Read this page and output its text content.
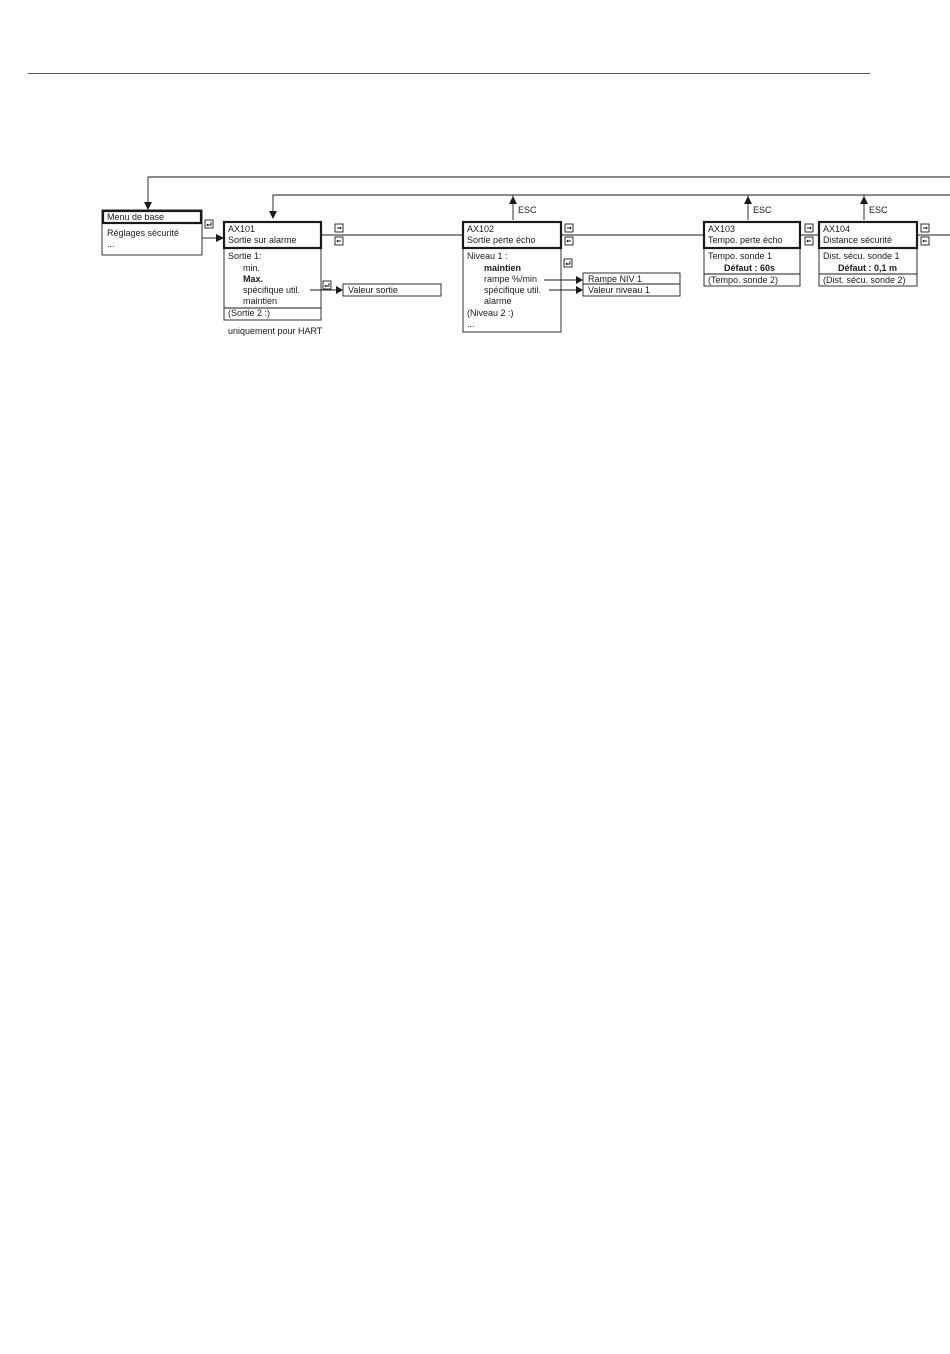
ESC	ESC	ESC
Menu de base
Réglages sécurité
...
AX101
Sortie sur alarme
Sortie 1:
min.
Max.
spécifique util.
maintien
(Sortie 2 :)
uniquement pour HART
Valeur sortie
AX102
Sortie perte écho
Niveau 1 :
maintien
rampe %/min
spécifique util.
alarme
(Niveau 2 :)
...
Rampe NIV 1
Valeur niveau 1
AX103
Tempo. perte écho
Tempo. sonde 1
Défaut : 60s
(Tempo. sonde 2)
AX104
Distance sécurité
Dist. sécu. sonde 1
Défaut : 0,1 m
(Dist. sécu. sonde 2)
